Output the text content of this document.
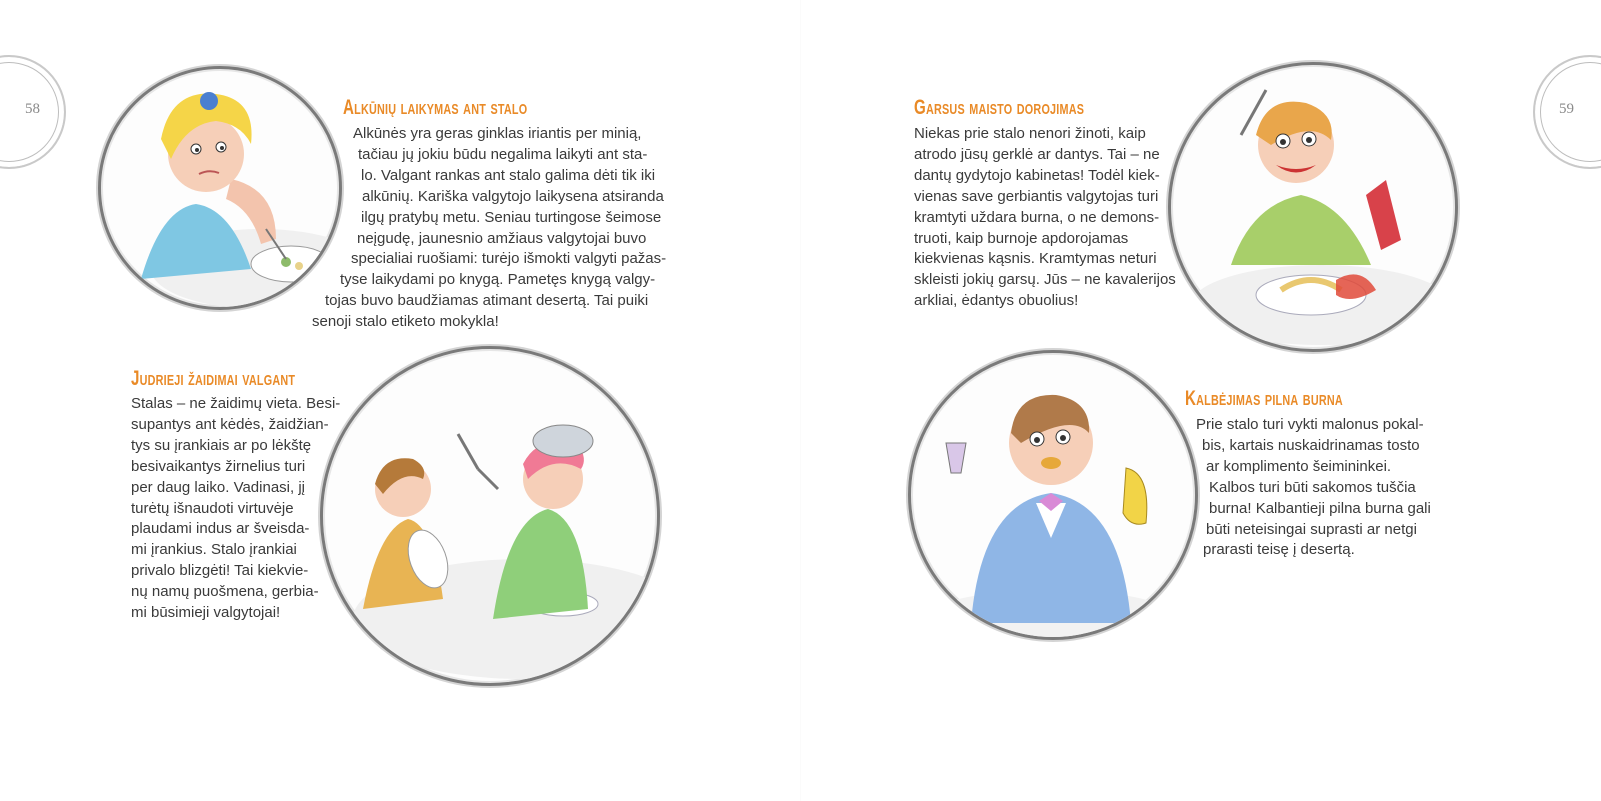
58	59
Alkūnių laikymas ant stalo
Alkūnės yra geras ginklas iriantis per minią,
tačiau jų jokiu būdu negalima laikyti ant sta-
lo. Valgant rankas ant stalo galima dėti tik iki
alkūnių. Kariška valgytojo laikysena atsiranda
ilgų pratybų metu. Seniau turtingose šeimose
neįgudę, jaunesnio amžiaus valgytojai buvo
specialiai ruošiami: turėjo išmokti valgyti pažas-
tyse laikydami po knygą. Pametęs knygą valgy-
tojas buvo baudžiamas atimant desertą. Tai puiki
senoji stalo etiketo mokykla!
Judrieji žaidimai valgant
Stalas – ne žaidimų vieta. Besi-
supantys ant kėdės, žaidžian-
tys su įrankiais ar po lėkštę
besivaikantys žirnelius turi
per daug laiko. Vadinasi, jį
turėtų išnaudoti virtuvėje
plaudami indus ar šveisda-
mi įrankius. Stalo įrankiai
privalo blizgėti! Tai kiekvie-
nų namų puošmena, gerbia-
mi būsimieji valgytojai!
Garsus maisto dorojimas
Niekas prie stalo nenori žinoti, kaip
atrodo jūsų gerklė ar dantys. Tai – ne
dantų gydytojo kabinetas! Todėl kiek-
vienas save gerbiantis valgytojas turi
kramtyti uždara burna, o ne demons-
truoti, kaip burnoje apdorojamas
kiekvienas kąsnis. Kramtymas neturi
skleisti jokių garsų. Jūs – ne kavalerijos
arkliai, ėdantys obuolius!
Kalbėjimas pilna burna
Prie stalo turi vykti malonus pokal-
bis, kartais nuskaidrinamas tosto
ar komplimento šeimininkei.
Kalbos turi būti sakomos tuščia
burna! Kalbantieji pilna burna gali
būti neteisingai suprasti ar netgi
prarasti teisę į desertą.
